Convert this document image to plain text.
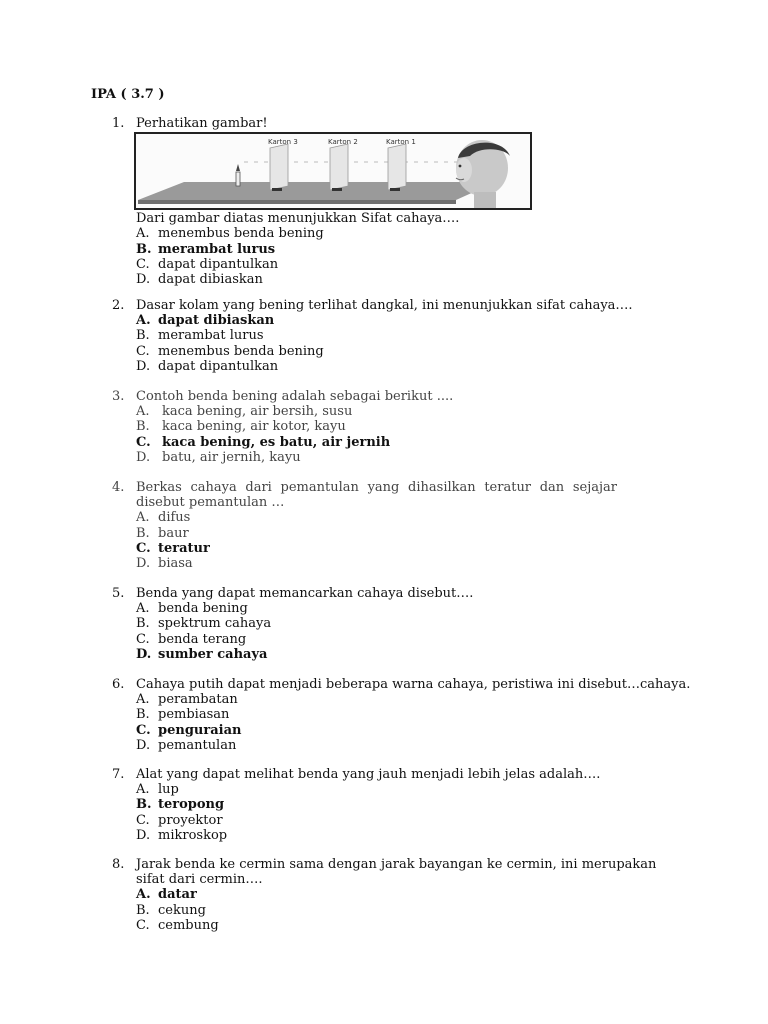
IPA ( 3.7 )
1. Perhatikan gambar!
Karton 3	Karton 2	Karton 1
Dari gambar diatas menunjukkan Sifat cahaya….
A. menembus benda bening
B. merambat lurus
C. dapat dipantulkan
D. dapat dibiaskan
2. Dasar kolam yang bening terlihat dangkal, ini menunjukkan sifat cahaya….
A. dapat dibiaskan
B. merambat lurus
C. menembus benda bening
D. dapat dipantulkan
3. Contoh benda bening adalah sebagai berikut ....
A. kaca bening, air bersih, susu
B. kaca bening, air kotor, kayu
C. kaca bening, es batu, air jernih
D. batu, air jernih, kayu
4. Berkas cahaya dari pemantulan yang dihasilkan teratur dan sejajar disebut pemantulan …
A. difus
B. baur
C. teratur
D. biasa
5. Benda yang dapat memancarkan cahaya disebut….
A. benda bening
B. spektrum cahaya
C. benda terang
D. sumber cahaya
6. Cahaya putih dapat menjadi beberapa warna cahaya, peristiwa ini disebut…cahaya.
A. perambatan
B. pembiasan
C. penguraian
D. pemantulan
7. Alat yang dapat melihat benda yang jauh menjadi lebih jelas adalah….
A. lup
B. teropong
C. proyektor
D. mikroskop
8. Jarak benda ke cermin sama dengan jarak bayangan ke cermin, ini merupakan sifat dari cermin….
A. datar
B. cekung
C. cembung
